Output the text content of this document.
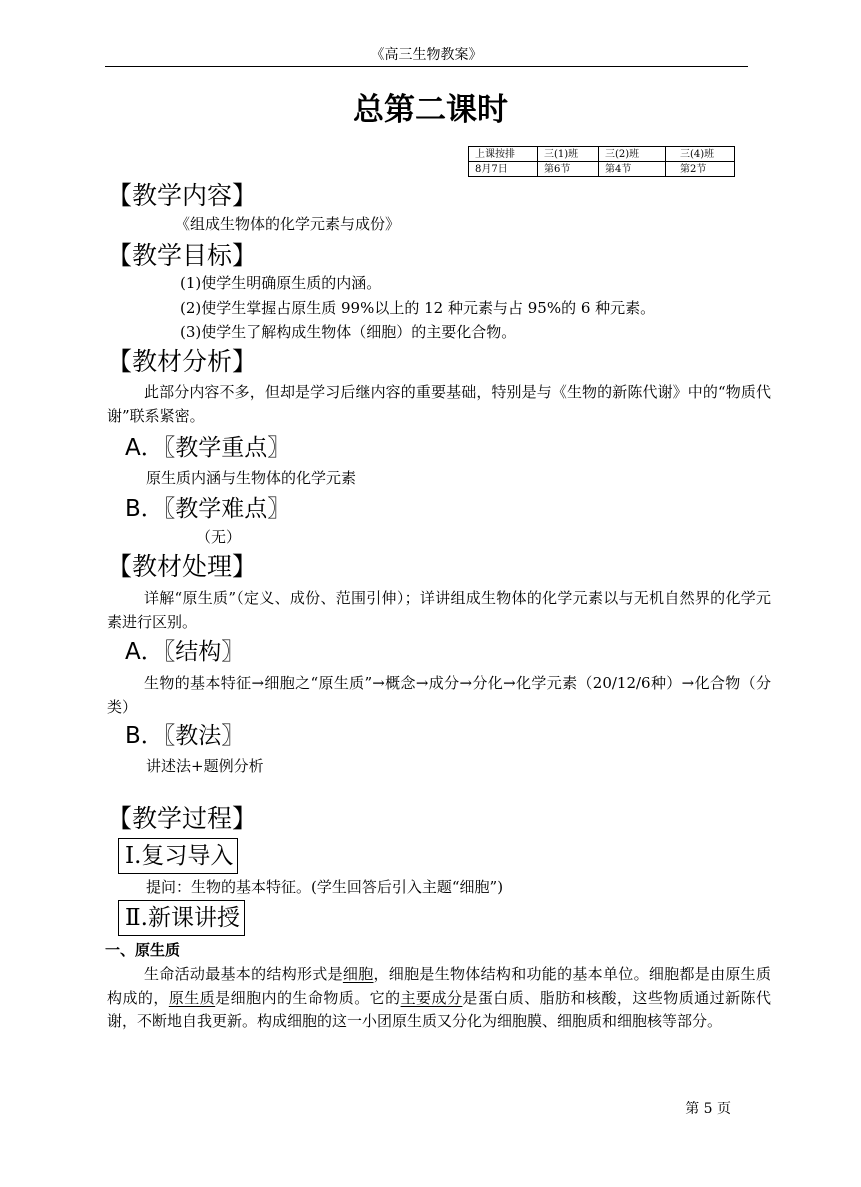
《高三生物教案》
总第二课时
上课按排	三(1)班	三(2)班	三(4)班
8月7日	第6节	第4节	第2节
【教学内容】
《组成生物体的化学元素与成份》
【教学目标】
(1)使学生明确原生质的内涵。
(2)使学生掌握占原生质 99%以上的 12 种元素与占 95%的 6 种元素。
(3)使学生了解构成生物体（细胞）的主要化合物。
【教材分析】
此部分内容不多，但却是学习后继内容的重要基础，特别是与《生物的新陈代谢》中的“物质代谢”联系紧密。
A．〖教学重点〗
原生质内涵与生物体的化学元素
B．〖教学难点〗
（无）
【教材处理】
详解“原生质”（定义、成份、范围引伸）；详讲组成生物体的化学元素以与无机自然界的化学元素进行区别。
A．〖结构〗
生物的基本特征→细胞之“原生质”→概念→成分→分化→化学元素（20/12/6种）→化合物（分类）
B．〖教法〗
讲述法+题例分析
【教学过程】
Ⅰ.复习导入
提问：生物的基本特征。(学生回答后引入主题“细胞”)
Ⅱ.新课讲授
一、原生质
生命活动最基本的结构形式是细胞，细胞是生物体结构和功能的基本单位。细胞都是由原生质构成的，原生质是细胞内的生命物质。它的主要成分是蛋白质、脂肪和核酸，这些物质通过新陈代谢，不断地自我更新。构成细胞的这一小团原生质又分化为细胞膜、细胞质和细胞核等部分。
第 5 页
